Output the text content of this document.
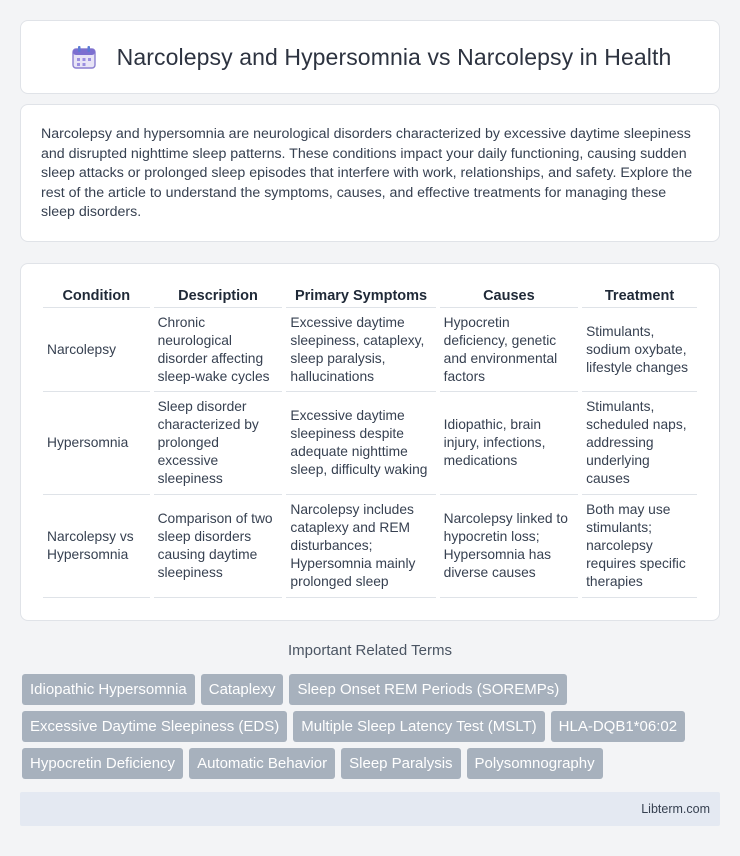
Narcolepsy and Hypersomnia vs Narcolepsy in Health

Narcolepsy and hypersomnia are neurological disorders characterized by excessive daytime sleepiness and disrupted nighttime sleep patterns. These conditions impact your daily functioning, causing sudden sleep attacks or prolonged sleep episodes that interfere with work, relationships, and safety. Explore the rest of the article to understand the symptoms, causes, and effective treatments for managing these sleep disorders.

Condition	Description	Primary Symptoms	Causes	Treatment
Narcolepsy	Chronic neurological disorder affecting sleep-wake cycles	Excessive daytime sleepiness, cataplexy, sleep paralysis, hallucinations	Hypocretin deficiency, genetic and environmental factors	Stimulants, sodium oxybate, lifestyle changes
Hypersomnia	Sleep disorder characterized by prolonged excessive sleepiness	Excessive daytime sleepiness despite adequate nighttime sleep, difficulty waking	Idiopathic, brain injury, infections, medications	Stimulants, scheduled naps, addressing underlying causes
Narcolepsy vs Hypersomnia	Comparison of two sleep disorders causing daytime sleepiness	Narcolepsy includes cataplexy and REM disturbances; Hypersomnia mainly prolonged sleep	Narcolepsy linked to hypocretin loss; Hypersomnia has diverse causes	Both may use stimulants; narcolepsy requires specific therapies
Important Related Terms
Idiopathic Hypersomnia	Cataplexy	Sleep Onset REM Periods (SOREMPs)
Excessive Daytime Sleepiness (EDS)	Multiple Sleep Latency Test (MSLT)	HLA-DQB1*06:02
Hypocretin Deficiency	Automatic Behavior	Sleep Paralysis	Polysomnography
Libterm.com
